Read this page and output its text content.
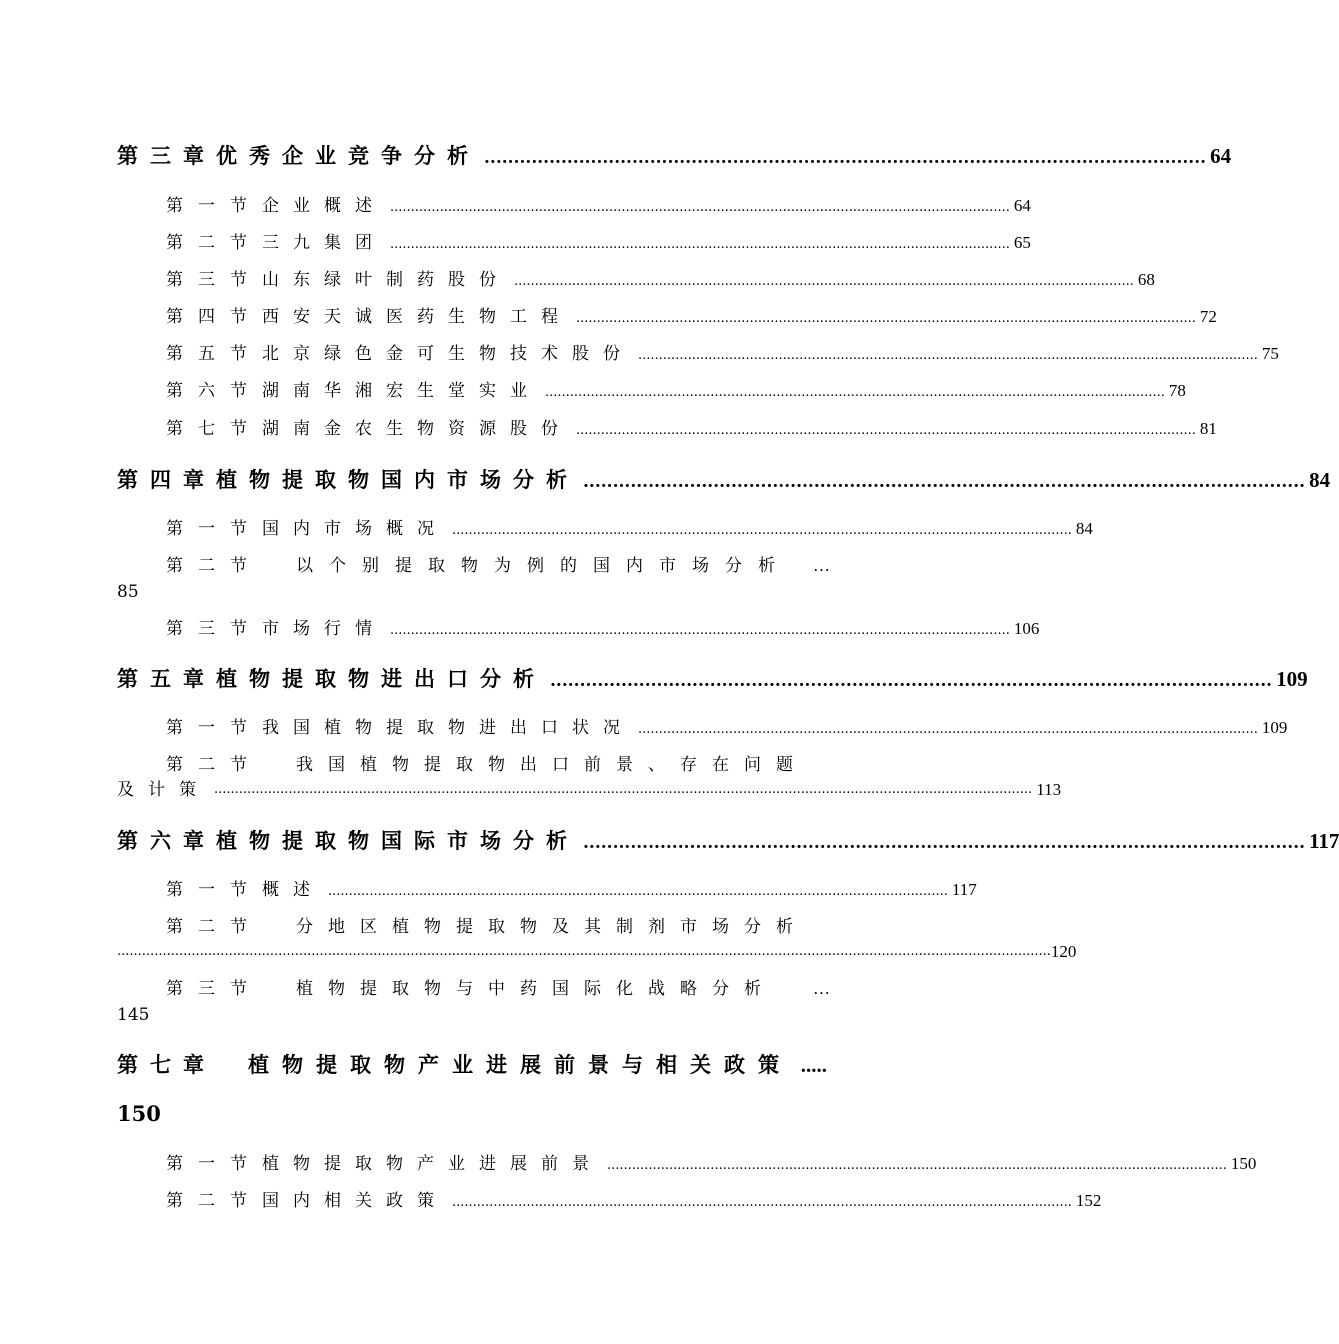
第三章 优秀企业竞争分析 .......................................................................................................................... 64
第一节 企业概述 ...................................................................................................................................................... 64
第二节 三九集团 ...................................................................................................................................................... 65
第三节 山东绿叶制药股份 ...................................................................................................................................................... 68
第四节 西安天诚医药生物工程 ...................................................................................................................................................... 72
第五节 北京绿色金可生物技术股份 ...................................................................................................................................................... 75
第六节 湖南华湘宏生堂实业 ...................................................................................................................................................... 78
第七节 湖南金农生物资源股份 ...................................................................................................................................................... 81
第四章 植物提取物国内市场分析 .......................................................................................................................... 84
第一节 国内市场概况 ...................................................................................................................................................... 84
第二节 以个别提取物为例的国内市场分析 …
85
第三节 市场行情 ...................................................................................................................................................... 106
第五章 植物提取物进出口分析 .......................................................................................................................... 109
第一节 我国植物提取物进出口状况 ...................................................................................................................................................... 109
第二节 我国植物提取物出口前景、存在问题
及计策 ...................................................................................................................................................................................................... 113
第六章 植物提取物国际市场分析 .......................................................................................................................... 117
第一节 概述 ...................................................................................................................................................... 117
第二节 分地区植物提取物及其制剂市场分析
.................................................................................................................................................................................................................................. 120
第三节 植物提取物与中药国际化战略分析 …
145
第七章 植物提取物产业进展前景与相关政策 .....
150
第一节 植物提取物产业进展前景 ...................................................................................................................................................... 150
第二节 国内相关政策 ...................................................................................................................................................... 152
